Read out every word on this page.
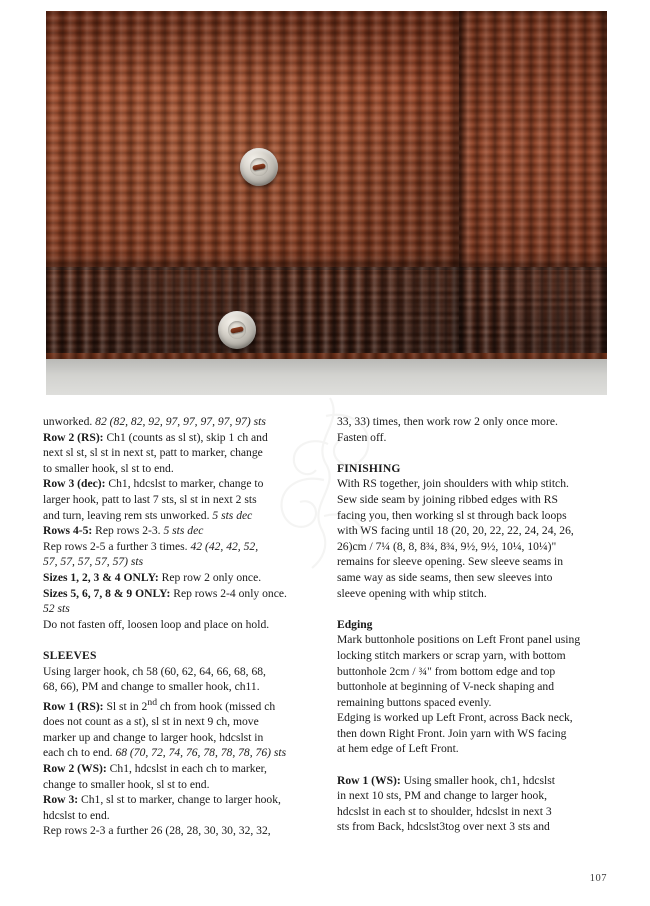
unworked. 82 (82, 82, 92, 97, 97, 97, 97, 97) sts
Row 2 (RS): Ch1 (counts as sl st), skip 1 ch and
next sl st, sl st in next st, patt to marker, change
to smaller hook, sl st to end.
Row 3 (dec): Ch1, hdcslst to marker, change to
larger hook, patt to last 7 sts, sl st in next 2 sts
and turn, leaving rem sts unworked. 5 sts dec
Rows 4-5: Rep rows 2-3. 5 sts dec
Rep rows 2-5 a further 3 times. 42 (42, 42, 52,
57, 57, 57, 57, 57) sts
Sizes 1, 2, 3 & 4 ONLY: Rep row 2 only once.
Sizes 5, 6, 7, 8 & 9 ONLY: Rep rows 2-4 only once.
52 sts
Do not fasten off, loosen loop and place on hold.
SLEEVES
Using larger hook, ch 58 (60, 62, 64, 66, 68, 68,
68, 66), PM and change to smaller hook, ch11.
Row 1 (RS): Sl st in 2nd ch from hook (missed ch
does not count as a st), sl st in next 9 ch, move
marker up and change to larger hook, hdcslst in
each ch to end. 68 (70, 72, 74, 76, 78, 78, 78, 76) sts
Row 2 (WS): Ch1, hdcslst in each ch to marker,
change to smaller hook, sl st to end.
Row 3: Ch1, sl st to marker, change to larger hook,
hdcslst to end.
Rep rows 2-3 a further 26 (28, 28, 30, 30, 32, 32,
33, 33) times, then work row 2 only once more.
Fasten off.
FINISHING
With RS together, join shoulders with whip stitch.
Sew side seam by joining ribbed edges with RS
facing you, then working sl st through back loops
with WS facing until 18 (20, 20, 22, 22, 24, 24, 26,
26)cm / 7¼ (8, 8, 8¾, 8¾, 9½, 9½, 10¼, 10¼)"
remains for sleeve opening. Sew sleeve seams in
same way as side seams, then sew sleeves into
sleeve opening with whip stitch.
Edging
Mark buttonhole positions on Left Front panel using
locking stitch markers or scrap yarn, with bottom
buttonhole 2cm / ¾" from bottom edge and top
buttonhole at beginning of V-neck shaping and
remaining buttons spaced evenly.
Edging is worked up Left Front, across Back neck,
then down Right Front. Join yarn with WS facing
at hem edge of Left Front.
Row 1 (WS): Using smaller hook, ch1, hdcslst
in next 10 sts, PM and change to larger hook,
hdcslst in each st to shoulder, hdcslst in next 3
sts from Back, hdcslst3tog over next 3 sts and
107
